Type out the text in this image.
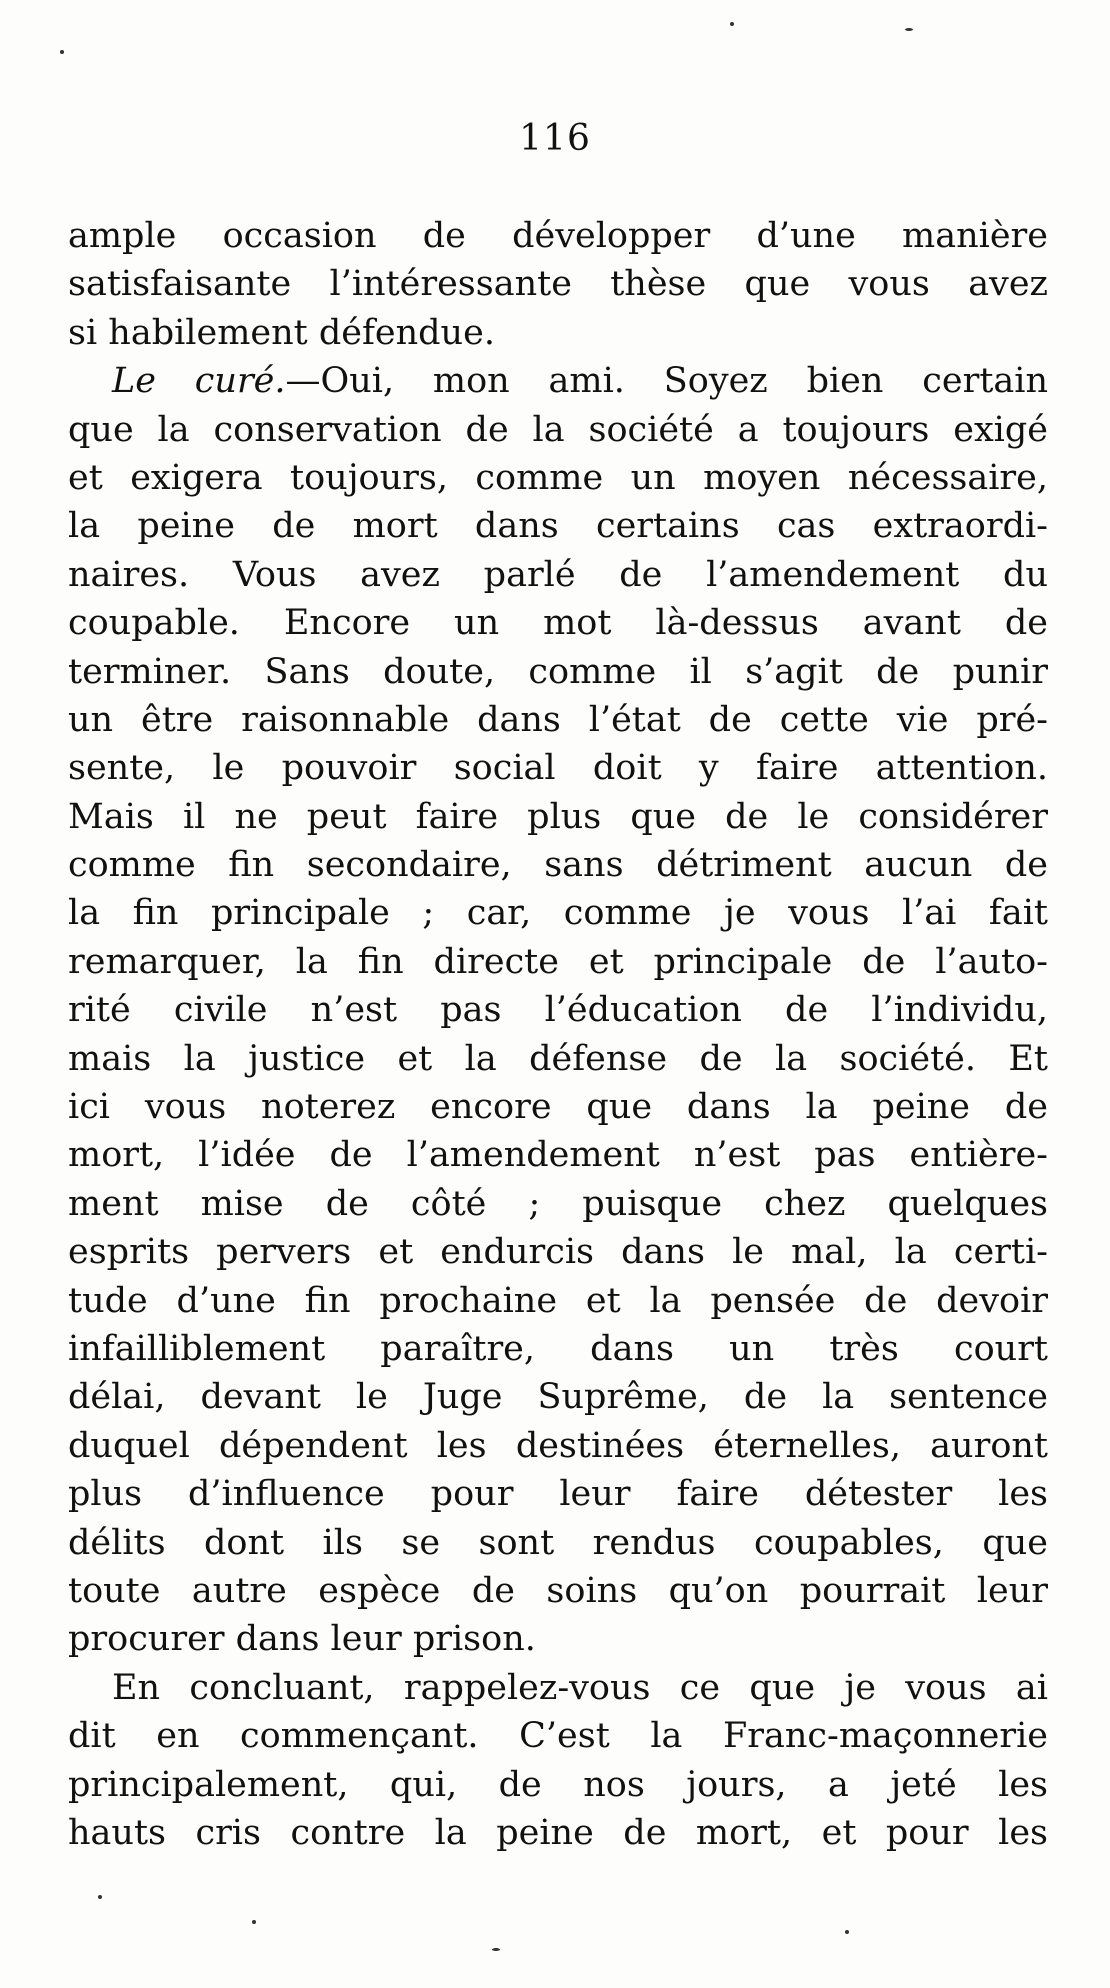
116
ample occasion de développer d’une manière
satisfaisante l’intéressante thèse que vous avez
si habilement défendue.
Le curé.—Oui, mon ami. Soyez bien certain
que la conservation de la société a toujours exigé
et exigera toujours, comme un moyen nécessaire,
la peine de mort dans certains cas extraordi-
naires. Vous avez parlé de l’amendement du
coupable. Encore un mot là-dessus avant de
terminer. Sans doute, comme il s’agit de punir
un être raisonnable dans l’état de cette vie pré-
sente, le pouvoir social doit y faire attention.
Mais il ne peut faire plus que de le considérer
comme fin secondaire, sans détriment aucun de
la fin principale ; car, comme je vous l’ai fait
remarquer, la fin directe et principale de l’auto-
rité civile n’est pas l’éducation de l’individu,
mais la justice et la défense de la société. Et
ici vous noterez encore que dans la peine de
mort, l’idée de l’amendement n’est pas entière-
ment mise de côté ; puisque chez quelques
esprits pervers et endurcis dans le mal, la certi-
tude d’une fin prochaine et la pensée de devoir
infailliblement paraître, dans un très court
délai, devant le Juge Suprême, de la sentence
duquel dépendent les destinées éternelles, auront
plus d’influence pour leur faire détester les
délits dont ils se sont rendus coupables, que
toute autre espèce de soins qu’on pourrait leur
procurer dans leur prison.
En concluant, rappelez-vous ce que je vous ai
dit en commençant. C’est la Franc-maçonnerie
principalement, qui, de nos jours, a jeté les
hauts cris contre la peine de mort, et pour les
